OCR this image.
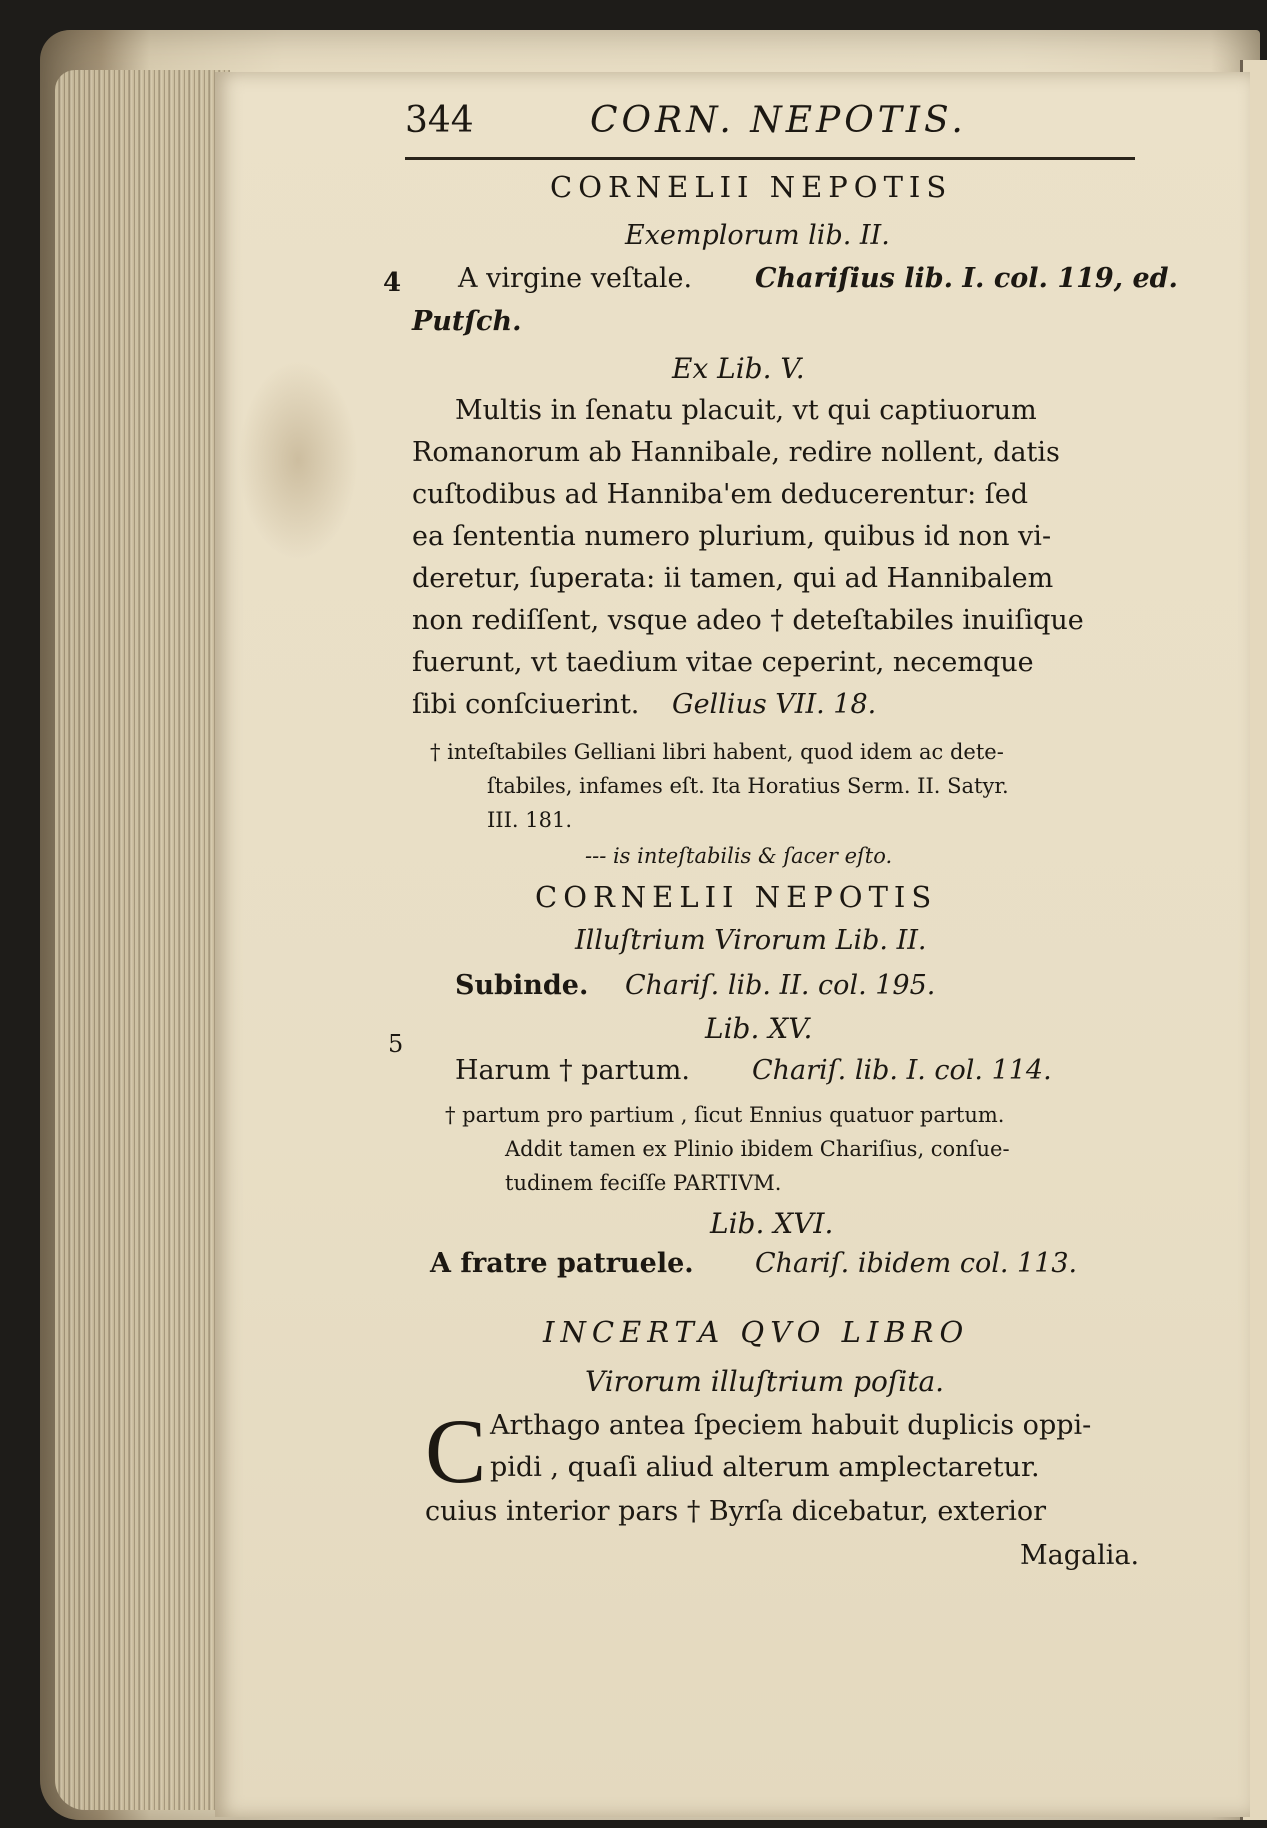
344	CORN. NEPOTIS.
CORNELII NEPOTIS
Exemplorum lib. II.
4 A virgine veſtale. Chariſius lib. I. col. 119, ed.
Putſch.
Ex Lib. V.
Multis in ſenatu placuit, vt qui captiuorum
Romanorum ab Hannibale, redire nollent, datis
cuſtodibus ad Hanniba'em deducerentur: ſed
ea ſententia numero plurium, quibus id non vi-
deretur, ſuperata: ii tamen, qui ad Hannibalem
non rediſſent, vsque adeo † deteſtabiles inuiſique
fuerunt, vt taedium vitae ceperint, necemque
ſibi conſciuerint. Gellius VII. 18.
† inteſtabiles Gelliani libri habent, quod idem ac dete-
ſtabiles, infames eſt. Ita Horatius Serm. II. Satyr.
III. 181.
--- is inteſtabilis & ſacer eſto.
CORNELII NEPOTIS
Illuſtrium Virorum Lib. II.
Subinde. Chariſ. lib. II. col. 195.
5	Lib. XV.
Harum † partum. Chariſ. lib. I. col. 114.
† partum pro partium , ſicut Ennius quatuor partum.
Addit tamen ex Plinio ibidem Chariſius, conſue-
tudinem feciſſe PARTIVM.
Lib. XVI.
A fratre patruele. Chariſ. ibidem col. 113.
INCERTA QVO LIBRO
Virorum illuſtrium poſita.
C Arthago antea ſpeciem habuit duplicis oppi-
pidi , quaſi aliud alterum amplectaretur.
cuius interior pars † Byrſa dicebatur, exterior
Magalia.
